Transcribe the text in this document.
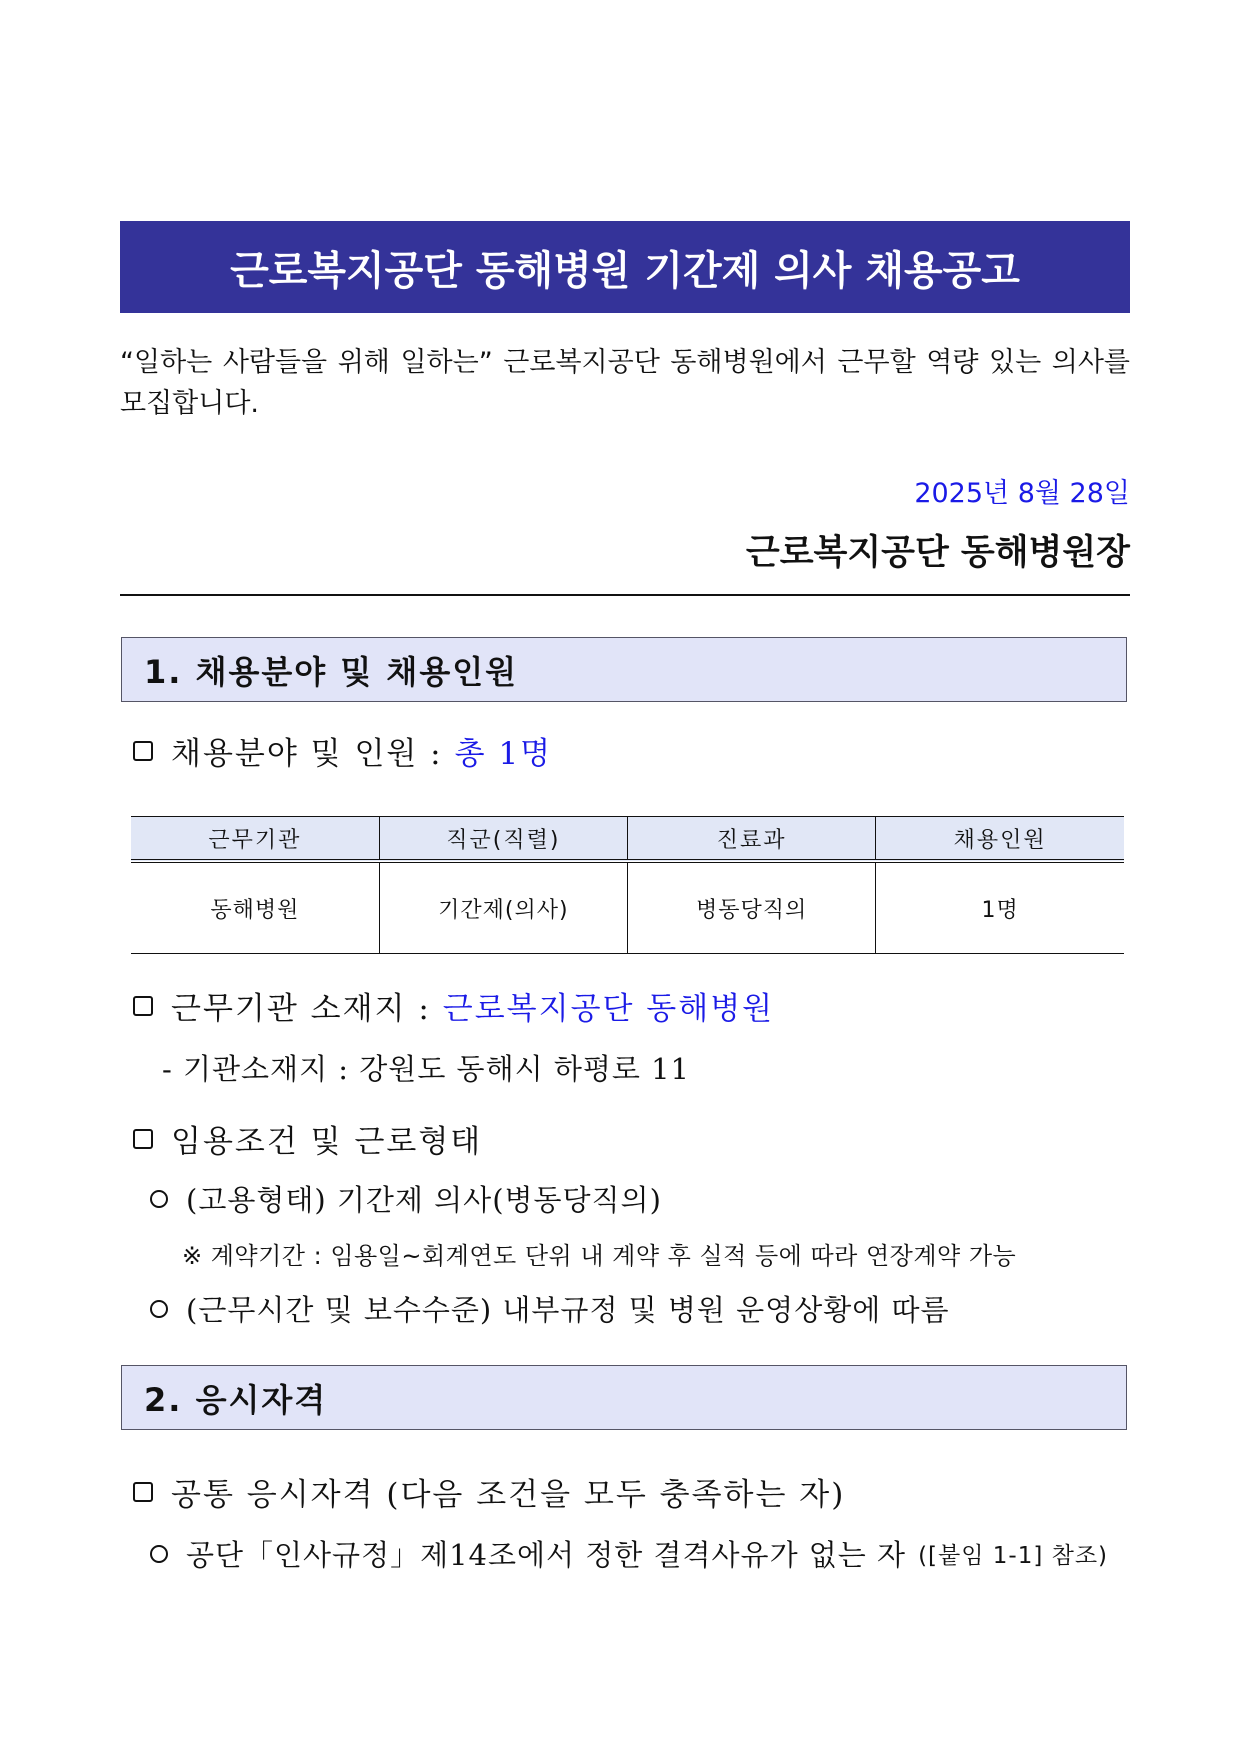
근로복지공단 동해병원 기간제 의사 채용공고
“일하는 사람들을 위해 일하는” 근로복지공단 동해병원에서 근무할 역량 있는 의사를 모집합니다.
2025년 8월 28일
근로복지공단 동해병원장
1. 채용분야 및 채용인원
채용분야 및 인원 : 총 1명
근무기관	직군(직렬)	진료과	채용인원
동해병원	기간제(의사)	병동당직의	1명
근무기관 소재지 : 근로복지공단 동해병원
- 기관소재지 : 강원도 동해시 하평로 11
임용조건 및 근로형태
(고용형태) 기간제 의사(병동당직의)
※ 계약기간 : 임용일~회계연도 단위 내 계약 후 실적 등에 따라 연장계약 가능
(근무시간 및 보수수준) 내부규정 및 병원 운영상황에 따름
2. 응시자격
공통 응시자격 (다음 조건을 모두 충족하는 자)
공단「인사규정」제14조에서 정한 결격사유가 없는 자 ([붙임 1-1] 참조)
